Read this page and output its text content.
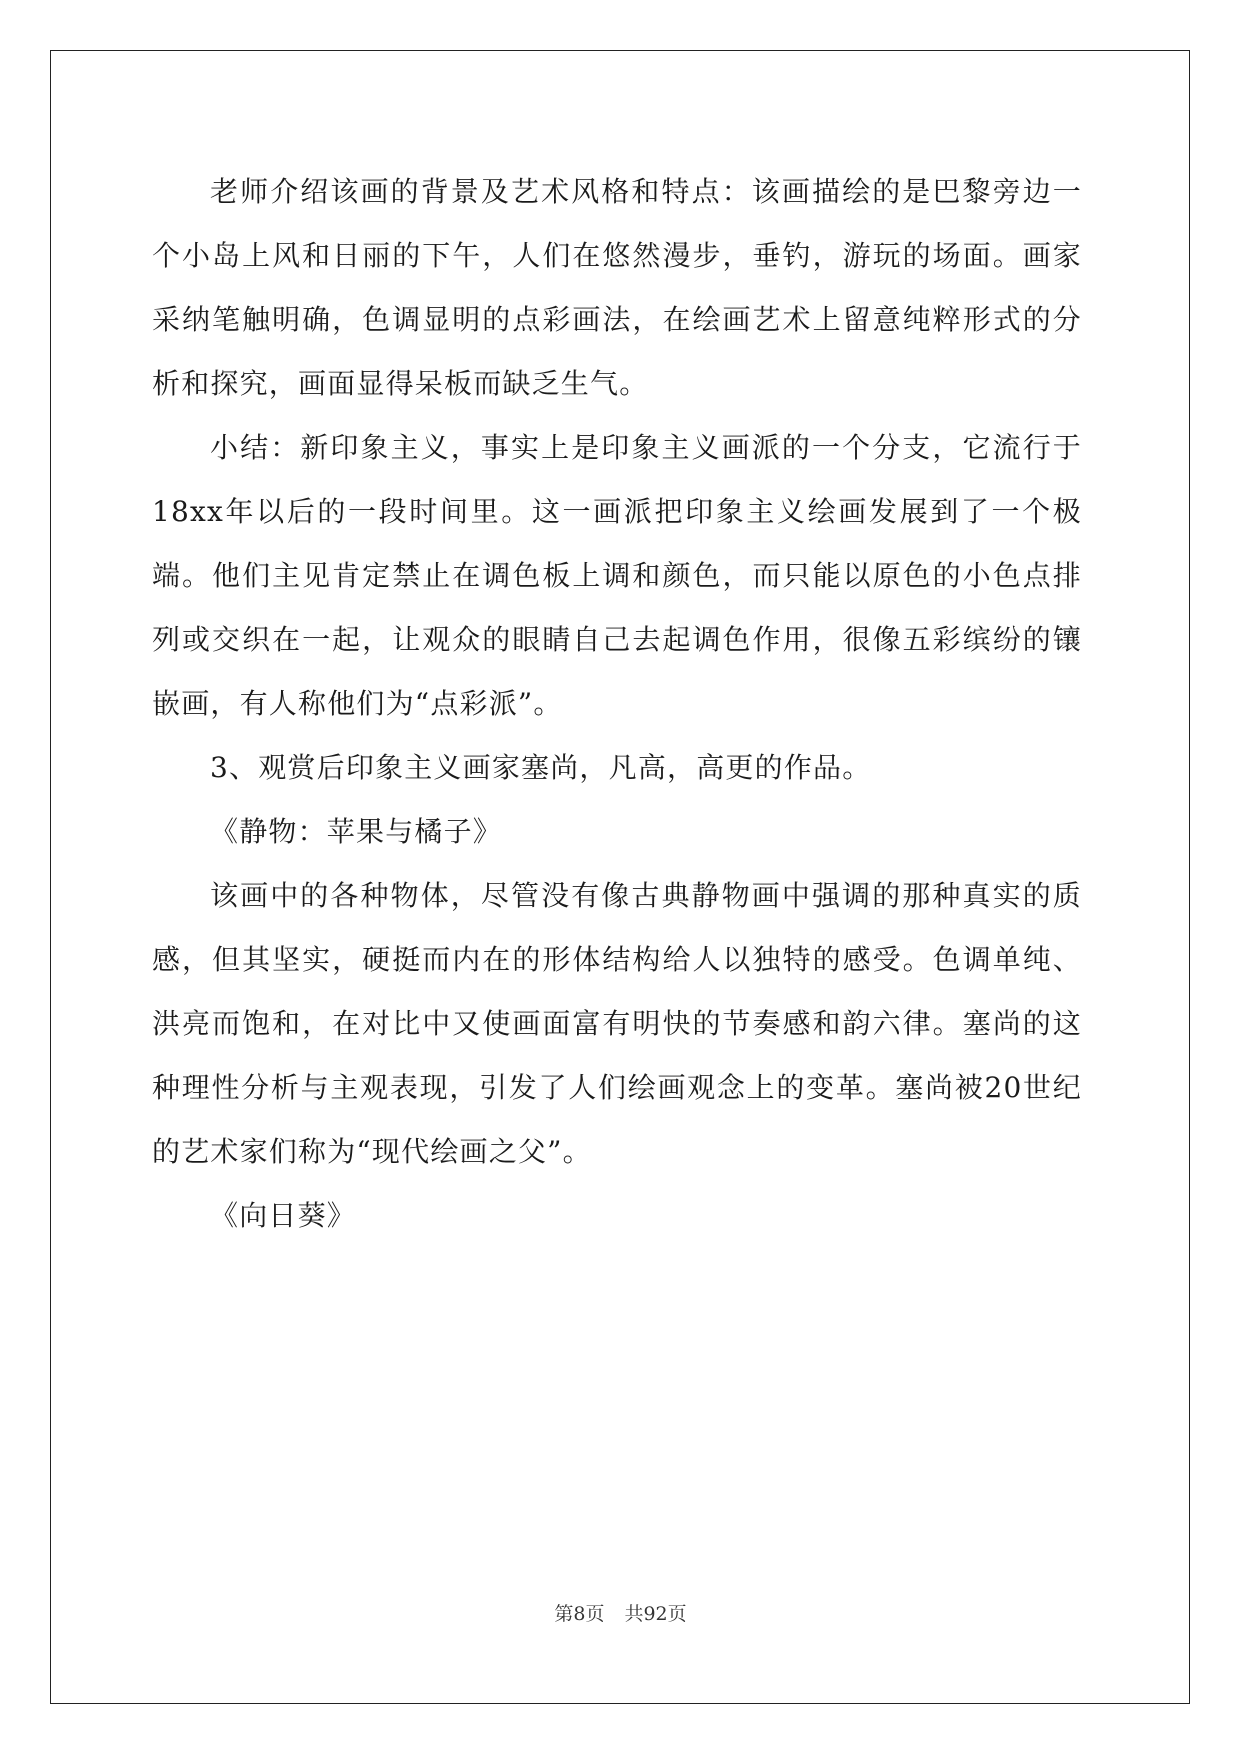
老师介绍该画的背景及艺术风格和特点：该画描绘的是巴黎旁边一个小岛上风和日丽的下午，人们在悠然漫步，垂钓，游玩的场面。画家采纳笔触明确，色调显明的点彩画法，在绘画艺术上留意纯粹形式的分析和探究，画面显得呆板而缺乏生气。

小结：新印象主义，事实上是印象主义画派的一个分支，它流行于18xx年以后的一段时间里。这一画派把印象主义绘画发展到了一个极端。他们主见肯定禁止在调色板上调和颜色，而只能以原色的小色点排列或交织在一起，让观众的眼睛自己去起调色作用，很像五彩缤纷的镶嵌画，有人称他们为“点彩派”。

3、观赏后印象主义画家塞尚，凡高，高更的作品。

《静物：苹果与橘子》

该画中的各种物体，尽管没有像古典静物画中强调的那种真实的质感，但其坚实，硬挺而内在的形体结构给人以独特的感受。色调单纯、洪亮而饱和，在对比中又使画面富有明快的节奏感和韵六律。塞尚的这种理性分析与主观表现，引发了人们绘画观念上的变革。塞尚被20世纪的艺术家们称为“现代绘画之父”。

《向日葵》

第8页 共92页
